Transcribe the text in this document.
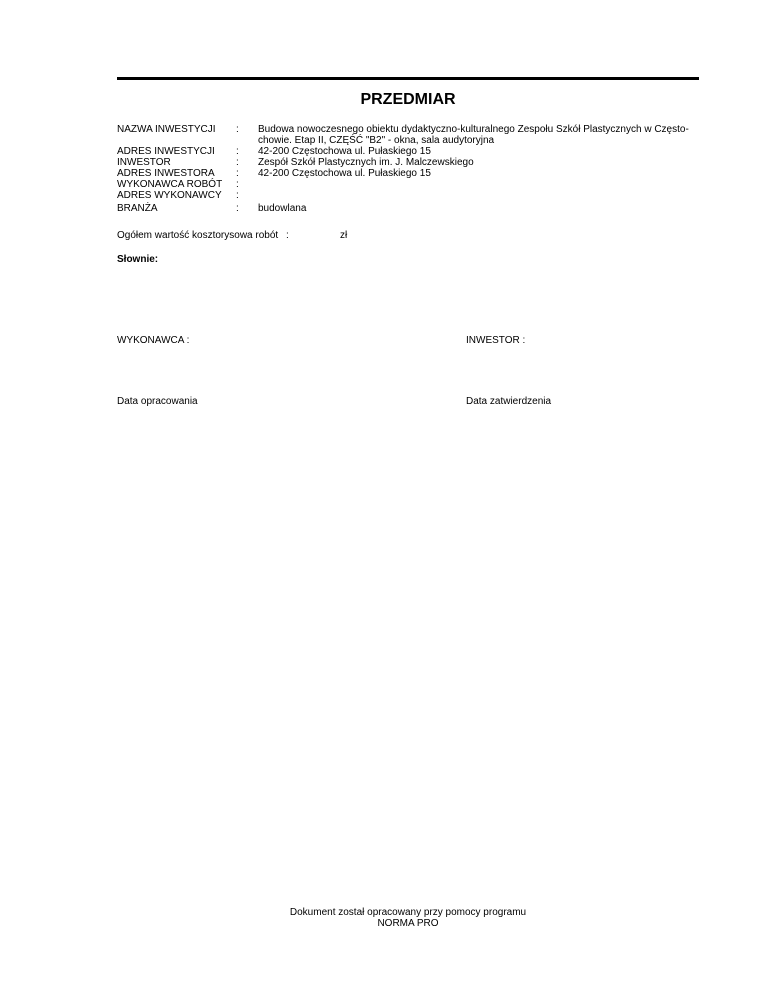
PRZEDMIAR
NAZWA INWESTYCJI	:	Budowa nowoczesnego obiektu dydaktyczno-kulturalnego Zespołu Szkół Plastycznych w Często-
chowie. Etap II, CZĘŚĆ "B2" - okna, sala audytoryjna
ADRES INWESTYCJI	:	42-200 Częstochowa ul. Pułaskiego 15
INWESTOR	:	Zespół Szkół Plastycznych im. J. Malczewskiego
ADRES INWESTORA	:	42-200 Częstochowa ul. Pułaskiego 15
WYKONAWCA ROBÓT	:
ADRES WYKONAWCY	:
BRANŻA	:	budowlana
Ogółem wartość kosztorysowa robót :	zł
Słownie:
WYKONAWCA :	INWESTOR :
Data opracowania	Data zatwierdzenia
Dokument został opracowany przy pomocy programu
NORMA PRO
